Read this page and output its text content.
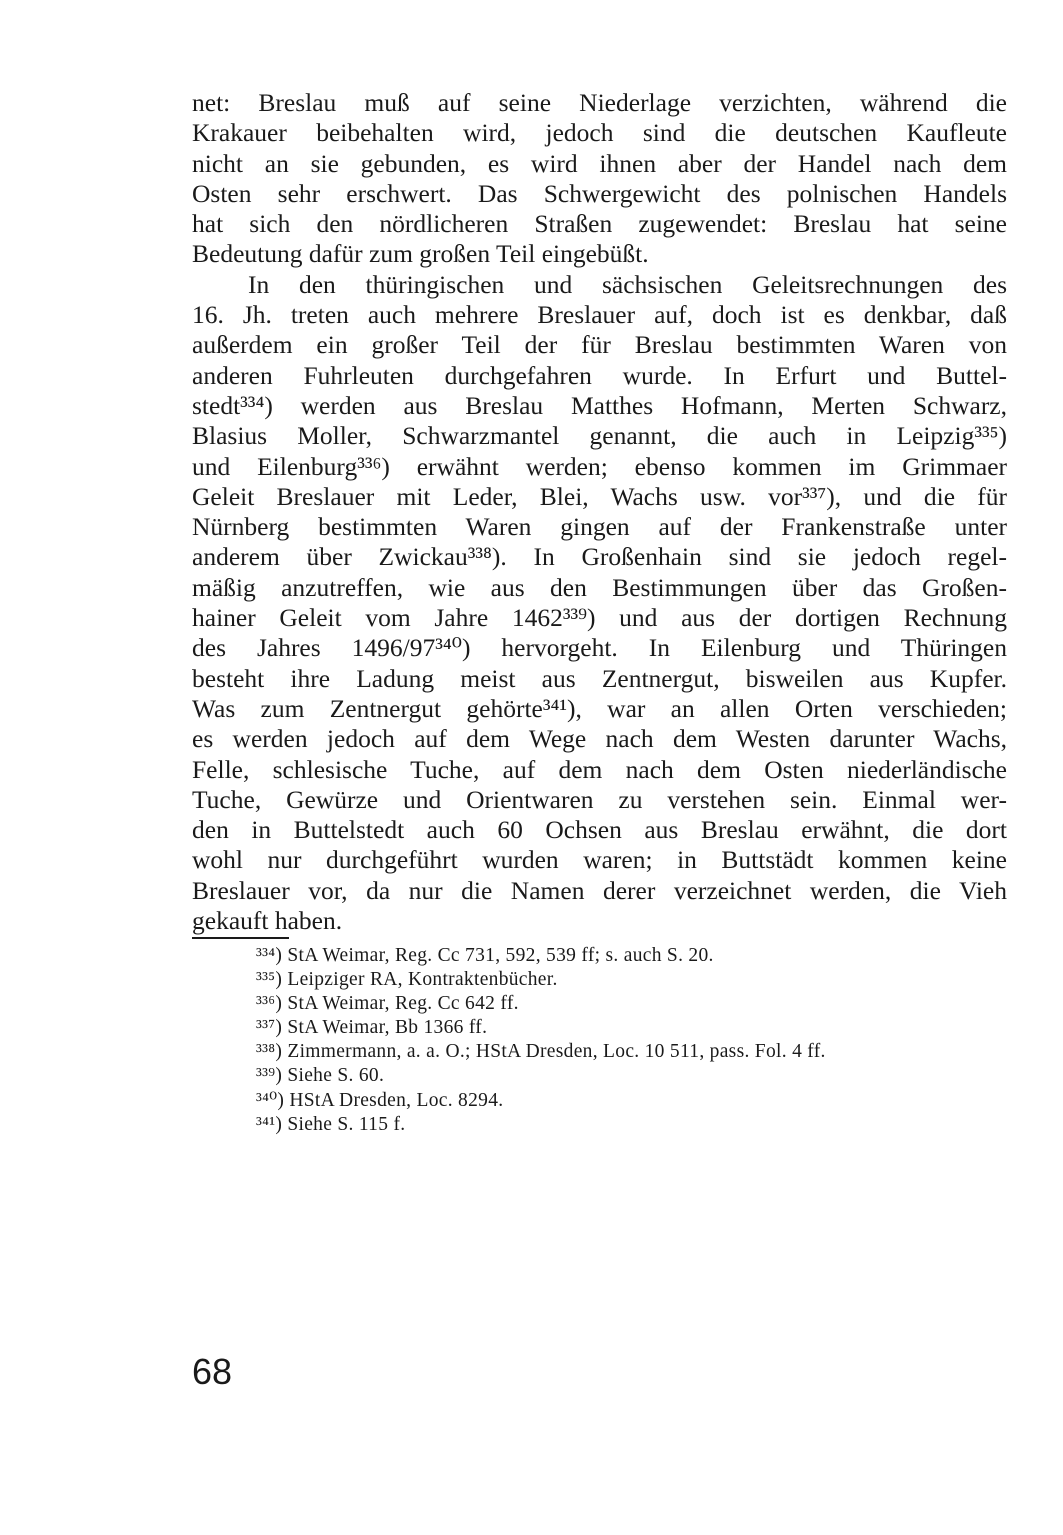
net: Breslau muß auf seine Niederlage verzichten, während die
Krakauer beibehalten wird, jedoch sind die deutschen Kaufleute
nicht an sie gebunden, es wird ihnen aber der Handel nach dem
Osten sehr erschwert. Das Schwergewicht des polnischen Handels
hat sich den nördlicheren Straßen zugewendet: Breslau hat seine
Bedeutung dafür zum großen Teil eingebüßt.
In den thüringischen und sächsischen Geleitsrechnungen des
16. Jh. treten auch mehrere Breslauer auf, doch ist es denkbar, daß
außerdem ein großer Teil der für Breslau bestimmten Waren von
anderen Fuhrleuten durchgefahren wurde. In Erfurt und Buttel-
stedt³³⁴) werden aus Breslau Matthes Hofmann, Merten Schwarz,
Blasius Moller, Schwarzmantel genannt, die auch in Leipzig³³⁵)
und Eilenburg³³⁶) erwähnt werden; ebenso kommen im Grimmaer
Geleit Breslauer mit Leder, Blei, Wachs usw. vor³³⁷), und die für
Nürnberg bestimmten Waren gingen auf der Frankenstraße unter
anderem über Zwickau³³⁸). In Großenhain sind sie jedoch regel-
mäßig anzutreffen, wie aus den Bestimmungen über das Großen-
hainer Geleit vom Jahre 1462³³⁹) und aus der dortigen Rechnung
des Jahres 1496/97³⁴⁰) hervorgeht. In Eilenburg und Thüringen
besteht ihre Ladung meist aus Zentnergut, bisweilen aus Kupfer.
Was zum Zentnergut gehörte³⁴¹), war an allen Orten verschieden;
es werden jedoch auf dem Wege nach dem Westen darunter Wachs,
Felle, schlesische Tuche, auf dem nach dem Osten niederländische
Tuche, Gewürze und Orientwaren zu verstehen sein. Einmal wer-
den in Buttelstedt auch 60 Ochsen aus Breslau erwähnt, die dort
wohl nur durchgeführt wurden waren; in Buttstädt kommen keine
Breslauer vor, da nur die Namen derer verzeichnet werden, die Vieh
gekauft haben.
³³⁴) StA Weimar, Reg. Cc 731, 592, 539 ff; s. auch S. 20.
³³⁵) Leipziger RA, Kontraktenbücher.
³³⁶) StA Weimar, Reg. Cc 642 ff.
³³⁷) StA Weimar, Bb 1366 ff.
³³⁸) Zimmermann, a. a. O.; HStA Dresden, Loc. 10 511, pass. Fol. 4 ff.
³³⁹) Siehe S. 60.
³⁴⁰) HStA Dresden, Loc. 8294.
³⁴¹) Siehe S. 115 f.
68
